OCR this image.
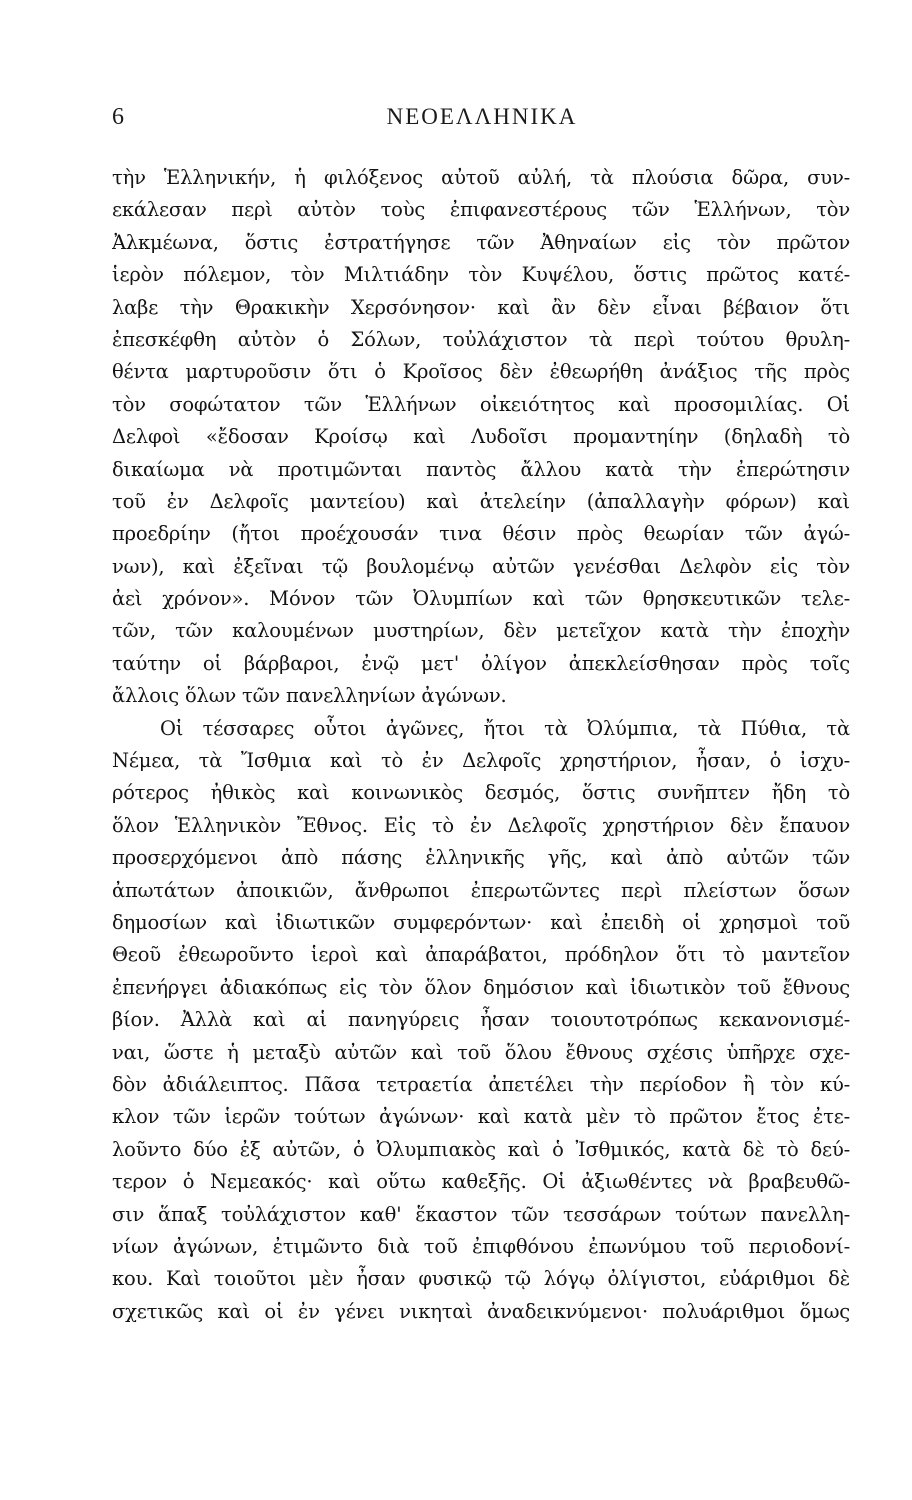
6	ΝΕΟΕΛΛΗΝΙΚΑ
τὴν Ἑλληνικήν, ἡ φιλόξενος αὐτοῦ αὐλή, τὰ πλούσια δῶρα, συν-
εκάλεσαν περὶ αὐτὸν τοὺς ἐπιφανεστέρους τῶν Ἑλλήνων, τὸν
Ἀλκμέωνα, ὅστις ἐστρατήγησε τῶν Ἀθηναίων εἰς τὸν πρῶτον
ἱερὸν πόλεμον, τὸν Μιλτιάδην τὸν Κυψέλου, ὅστις πρῶτος κατέ-
λαβε τὴν Θρακικὴν Χερσόνησον· καὶ ἂν δὲν εἶναι βέβαιον ὅτι
ἐπεσκέφθη αὐτὸν ὁ Σόλων, τοὐλάχιστον τὰ περὶ τούτου θρυλη-
θέντα μαρτυροῦσιν ὅτι ὁ Κροῖσος δὲν ἐθεωρήθη ἀνάξιος τῆς πρὸς
τὸν σοφώτατον τῶν Ἑλλήνων οἰκειότητος καὶ προσομιλίας. Οἱ
Δελφοὶ «ἔδοσαν Κροίσῳ καὶ Λυδοῖσι προμαντηίην (δηλαδὴ τὸ
δικαίωμα νὰ προτιμῶνται παντὸς ἄλλου κατὰ τὴν ἐπερώτησιν
τοῦ ἐν Δελφοῖς μαντείου) καὶ ἀτελείην (ἀπαλλαγὴν φόρων) καὶ
προεδρίην (ἤτοι προέχουσάν τινα θέσιν πρὸς θεωρίαν τῶν ἀγώ-
νων), καὶ ἐξεῖναι τῷ βουλομένῳ αὐτῶν γενέσθαι Δελφὸν εἰς τὸν
ἀεὶ χρόνον». Μόνον τῶν Ὀλυμπίων καὶ τῶν θρησκευτικῶν τελε-
τῶν, τῶν καλουμένων μυστηρίων, δὲν μετεῖχον κατὰ τὴν ἐποχὴν
ταύτην οἱ βάρβαροι, ἐνῷ μετ' ὀλίγον ἀπεκλείσθησαν πρὸς τοῖς
ἄλλοις ὅλων τῶν πανελληνίων ἀγώνων.
Οἱ τέσσαρες οὗτοι ἀγῶνες, ἤτοι τὰ Ὀλύμπια, τὰ Πύθια, τὰ
Νέμεα, τὰ Ἴσθμια καὶ τὸ ἐν Δελφοῖς χρηστήριον, ἦσαν, ὁ ἰσχυ-
ρότερος ἠθικὸς καὶ κοινωνικὸς δεσμός, ὅστις συνῆπτεν ἤδη τὸ
ὅλον Ἑλληνικὸν Ἔθνος. Εἰς τὸ ἐν Δελφοῖς χρηστήριον δὲν ἔπαυον
προσερχόμενοι ἀπὸ πάσης ἑλληνικῆς γῆς, καὶ ἀπὸ αὐτῶν τῶν
ἀπωτάτων ἀποικιῶν, ἄνθρωποι ἐπερωτῶντες περὶ πλείστων ὅσων
δημοσίων καὶ ἰδιωτικῶν συμφερόντων· καὶ ἐπειδὴ οἱ χρησμοὶ τοῦ
Θεοῦ ἐθεωροῦντο ἱεροὶ καὶ ἀπαράβατοι, πρόδηλον ὅτι τὸ μαντεῖον
ἐπενήργει ἀδιακόπως εἰς τὸν ὅλον δημόσιον καὶ ἰδιωτικὸν τοῦ ἔθνους
βίον. Ἀλλὰ καὶ αἱ πανηγύρεις ἦσαν τοιουτοτρόπως κεκανονισμέ-
ναι, ὥστε ἡ μεταξὺ αὐτῶν καὶ τοῦ ὅλου ἔθνους σχέσις ὑπῆρχε σχε-
δὸν ἀδιάλειπτος. Πᾶσα τετραετία ἀπετέλει τὴν περίοδον ἢ τὸν κύ-
κλον τῶν ἱερῶν τούτων ἀγώνων· καὶ κατὰ μὲν τὸ πρῶτον ἔτος ἐτε-
λοῦντο δύο ἐξ αὐτῶν, ὁ Ὀλυμπιακὸς καὶ ὁ Ἰσθμικός, κατὰ δὲ τὸ δεύ-
τερον ὁ Νεμεακός· καὶ οὕτω καθεξῆς. Οἱ ἀξιωθέντες νὰ βραβευθῶ-
σιν ἅπαξ τοὐλάχιστον καθ' ἕκαστον τῶν τεσσάρων τούτων πανελλη-
νίων ἀγώνων, ἐτιμῶντο διὰ τοῦ ἐπιφθόνου ἐπωνύμου τοῦ περιοδονί-
κου. Καὶ τοιοῦτοι μὲν ἦσαν φυσικῷ τῷ λόγῳ ὀλίγιστοι, εὐάριθμοι δὲ
σχετικῶς καὶ οἱ ἐν γένει νικηταὶ ἀναδεικνύμενοι· πολυάριθμοι ὅμως
